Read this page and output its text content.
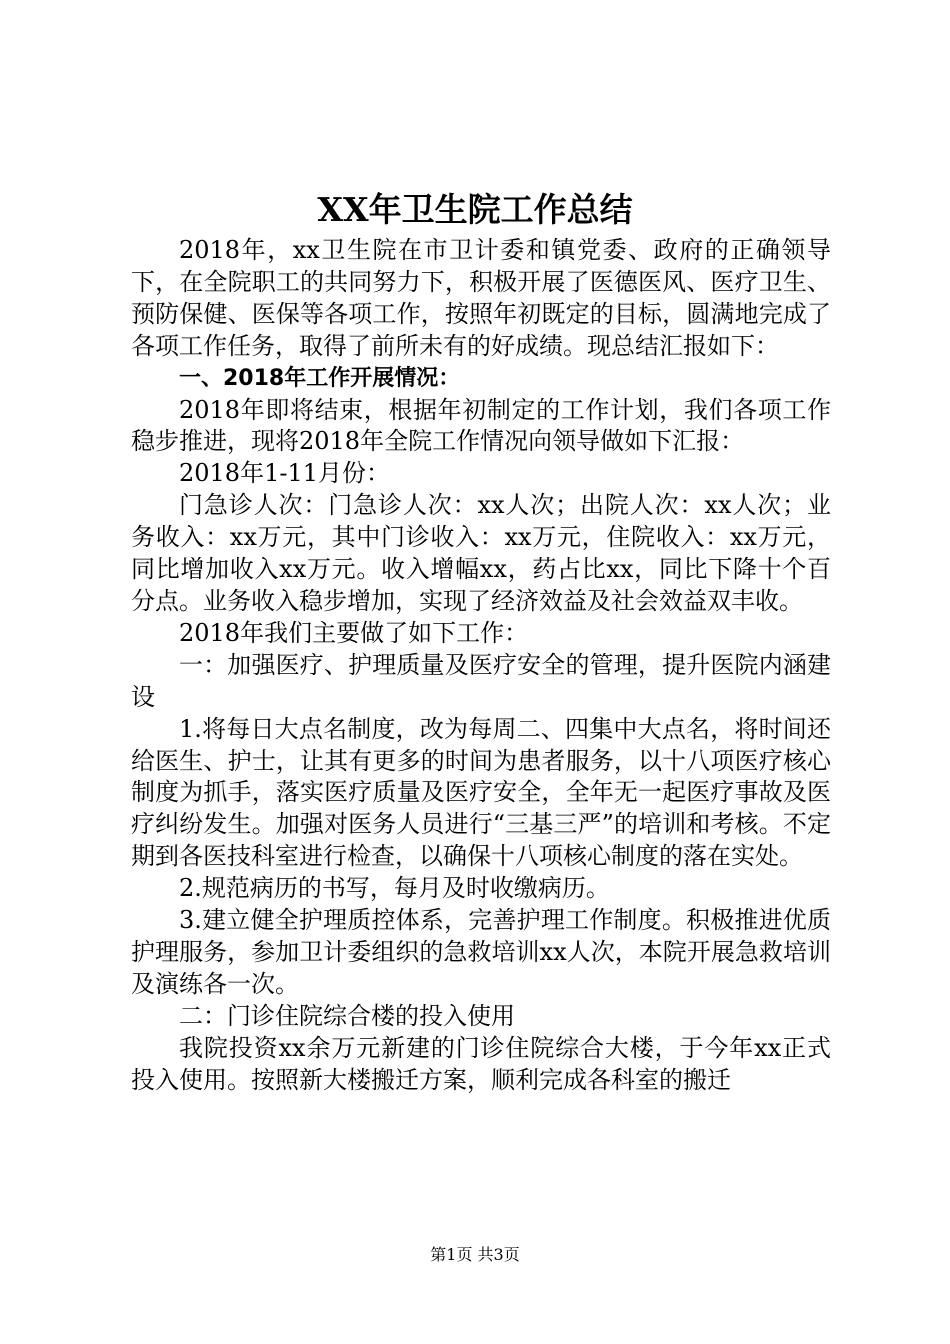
XX年卫生院工作总结

2018年，xx卫生院在市卫计委和镇党委、政府的正确领导下，在全院职工的共同努力下，积极开展了医德医风、医疗卫生、预防保健、医保等各项工作，按照年初既定的目标，圆满地完成了各项工作任务，取得了前所未有的好成绩。现总结汇报如下：

一、2018年工作开展情况：

2018年即将结束，根据年初制定的工作计划，我们各项工作稳步推进，现将2018年全院工作情况向领导做如下汇报：

2018年1-11月份：

门急诊人次：门急诊人次：xx人次；出院人次：xx人次；业务收入：xx万元，其中门诊收入：xx万元，住院收入：xx万元，同比增加收入xx万元。收入增幅xx，药占比xx，同比下降十个百分点。业务收入稳步增加，实现了经济效益及社会效益双丰收。

2018年我们主要做了如下工作：

一：加强医疗、护理质量及医疗安全的管理，提升医院内涵建设

1.将每日大点名制度，改为每周二、四集中大点名，将时间还给医生、护士，让其有更多的时间为患者服务，以十八项医疗核心制度为抓手，落实医疗质量及医疗安全，全年无一起医疗事故及医疗纠纷发生。加强对医务人员进行“三基三严”的培训和考核。不定期到各医技科室进行检查，以确保十八项核心制度的落在实处。

2.规范病历的书写，每月及时收缴病历。

3.建立健全护理质控体系，完善护理工作制度。积极推进优质护理服务，参加卫计委组织的急救培训xx人次，本院开展急救培训及演练各一次。

二：门诊住院综合楼的投入使用

我院投资xx余万元新建的门诊住院综合大楼，于今年xx正式投入使用。按照新大楼搬迁方案，顺利完成各科室的搬迁

第1页 共3页
